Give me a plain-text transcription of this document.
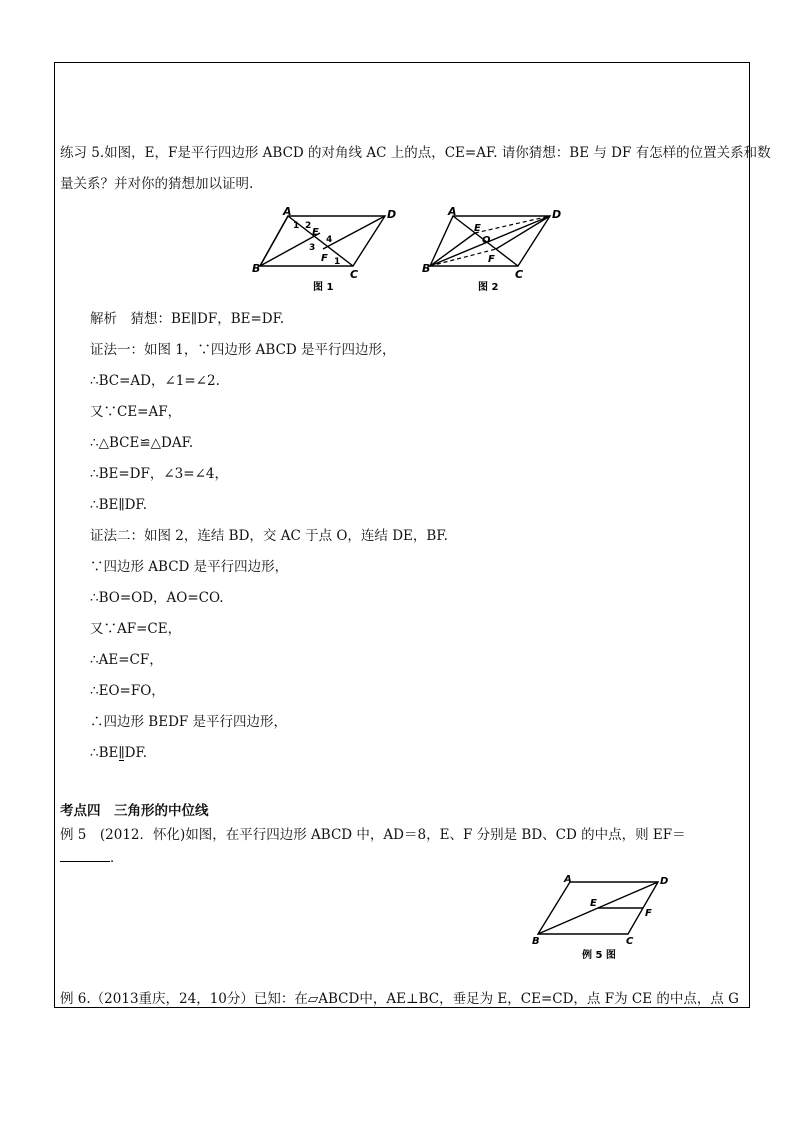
练习 5.如图，E，F是平行四边形 ABCD 的对角线 AC 上的点，CE=AF. 请你猜想：BE 与 DF 有怎样的位置关系和数
量关系？并对你的猜想加以证明.
A	D
B	C
E
F
1 2
3
4
1
图 1
A	D
B	C
E
O
F
图 2
解析　猜想：BE∥DF，BE=DF.
证法一：如图 1，∵四边形 ABCD 是平行四边形，
∴BC=AD，∠1=∠2.
又∵CE=AF，
∴△BCE≌△DAF.
∴BE=DF，∠3=∠4，
∴BE∥DF.
证法二：如图 2，连结 BD，交 AC 于点 O，连结 DE，BF.
∵四边形 ABCD 是平行四边形，
∴BO=OD，AO=CO.
又∵AF=CE，
∴AE=CF，
∴EO=FO，
∴四边形 BEDF 是平行四边形，
∴BE∥
DF.
考点四　三角形的中位线
例 5　(2012．怀化)如图，在平行四边形 ABCD 中，AD＝8，E、F 分别是 BD、CD 的中点，则 EF＝
．
A	D
B	C
E
F
例 5 图
例 6.（2013重庆，24，10分）已知：在▱ABCD中，AE⊥BC，垂足为 E，CE=CD，点 F为 CE 的中点，点 G
